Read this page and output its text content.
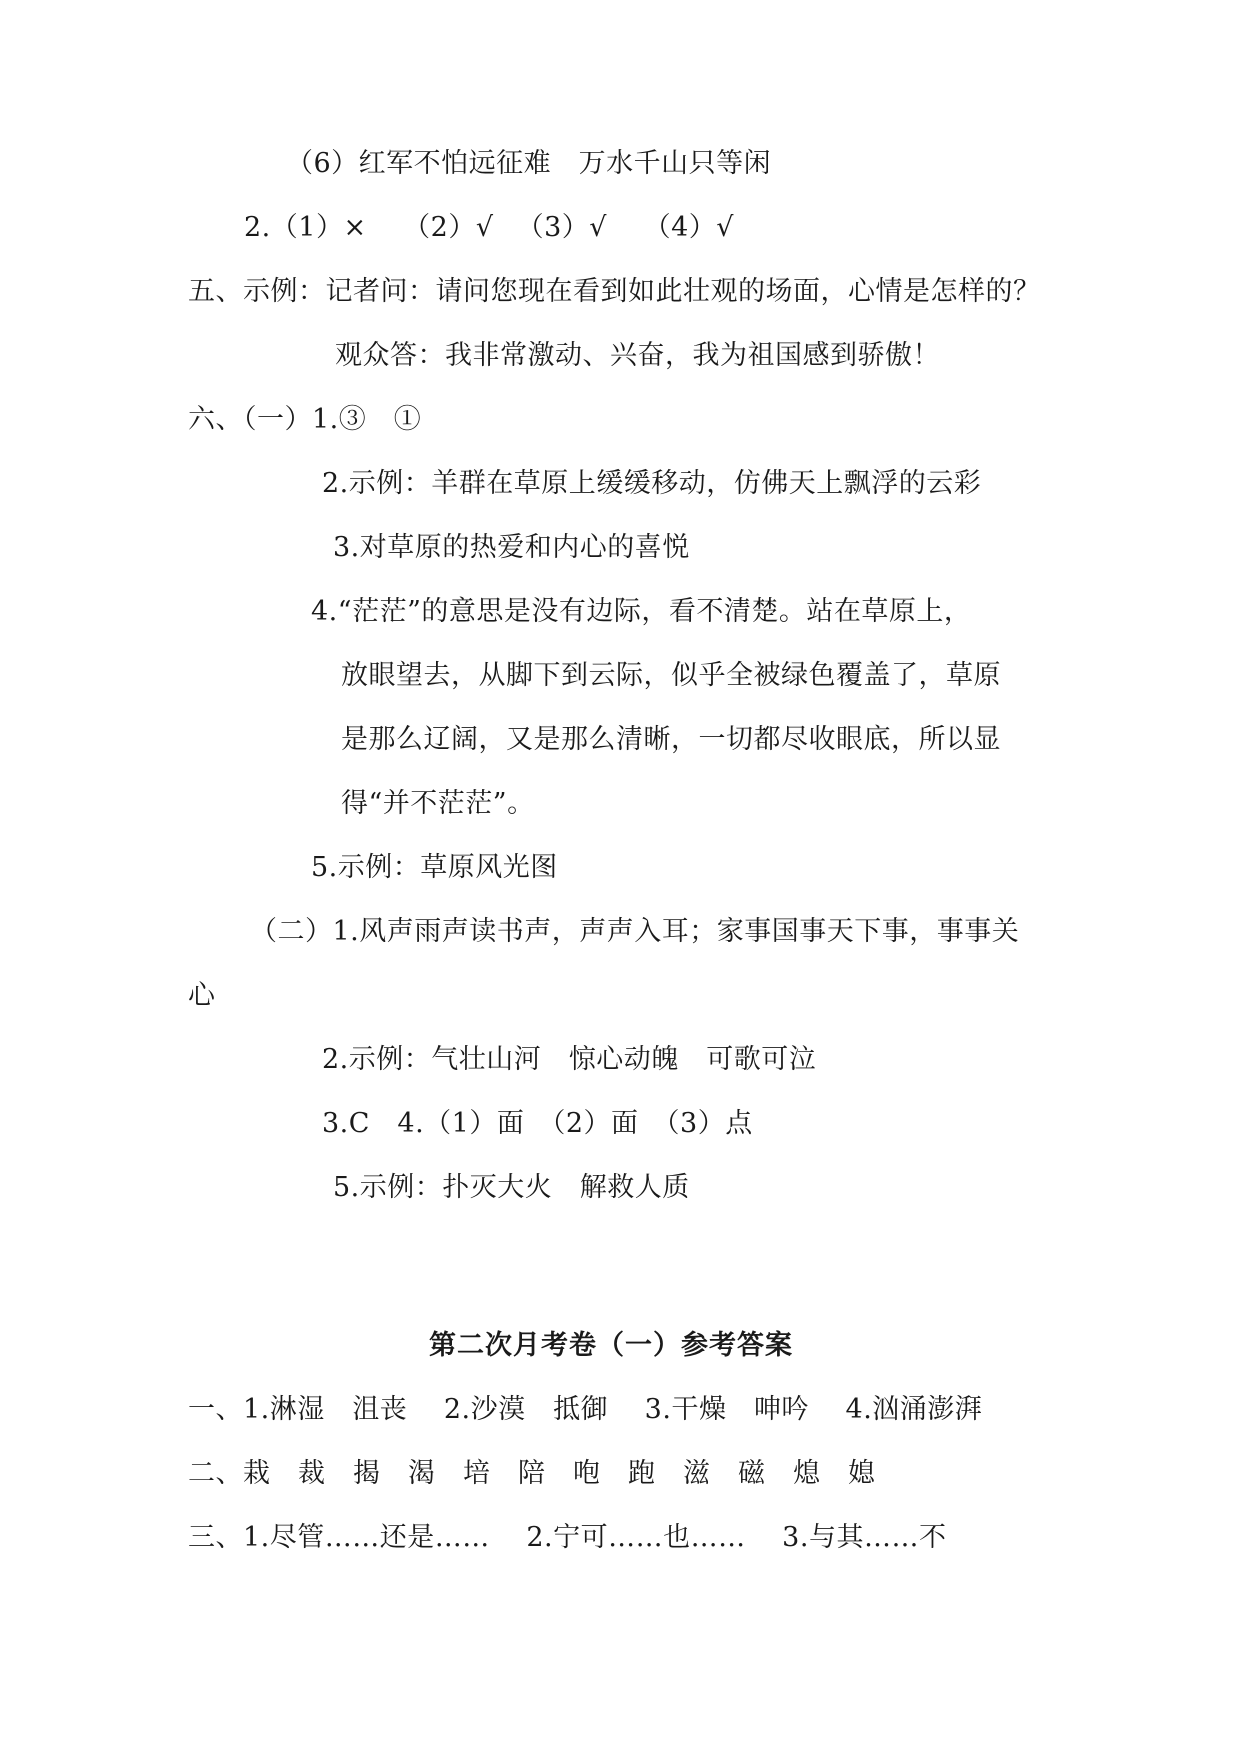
（6）红军不怕远征难　万水千山只等闲
2.（1）×　 （2）√ 　（3）√　 （4）√
五、示例：记者问：请问您现在看到如此壮观的场面，心情是怎样的？
观众答：我非常激动、兴奋，我为祖国感到骄傲！
六、（一）1.③　①
2.示例：羊群在草原上缓缓移动，仿佛天上飘浮的云彩
3.对草原的热爱和内心的喜悦
4.“茫茫”的意思是没有边际，看不清楚。站在草原上，
放眼望去，从脚下到云际，似乎全被绿色覆盖了，草原
是那么辽阔，又是那么清晰，一切都尽收眼底，所以显
得“并不茫茫”。
5.示例：草原风光图
（二）1.风声雨声读书声，声声入耳；家事国事天下事，事事关
心
2.示例：气壮山河　惊心动魄　可歌可泣
3.C　4.（1）面　（2）面　（3）点
5.示例：扑灭大火　解救人质
第二次月考卷（一）参考答案
一、1.淋湿　沮丧　 2.沙漠　抵御　 3.干燥　呻吟　 4.汹涌澎湃
二、栽　裁　揭　渴　培　陪　咆　跑　滋　磁　熄　媳
三、1.尽管……还是……　 2.宁可……也……　 3.与其……不
